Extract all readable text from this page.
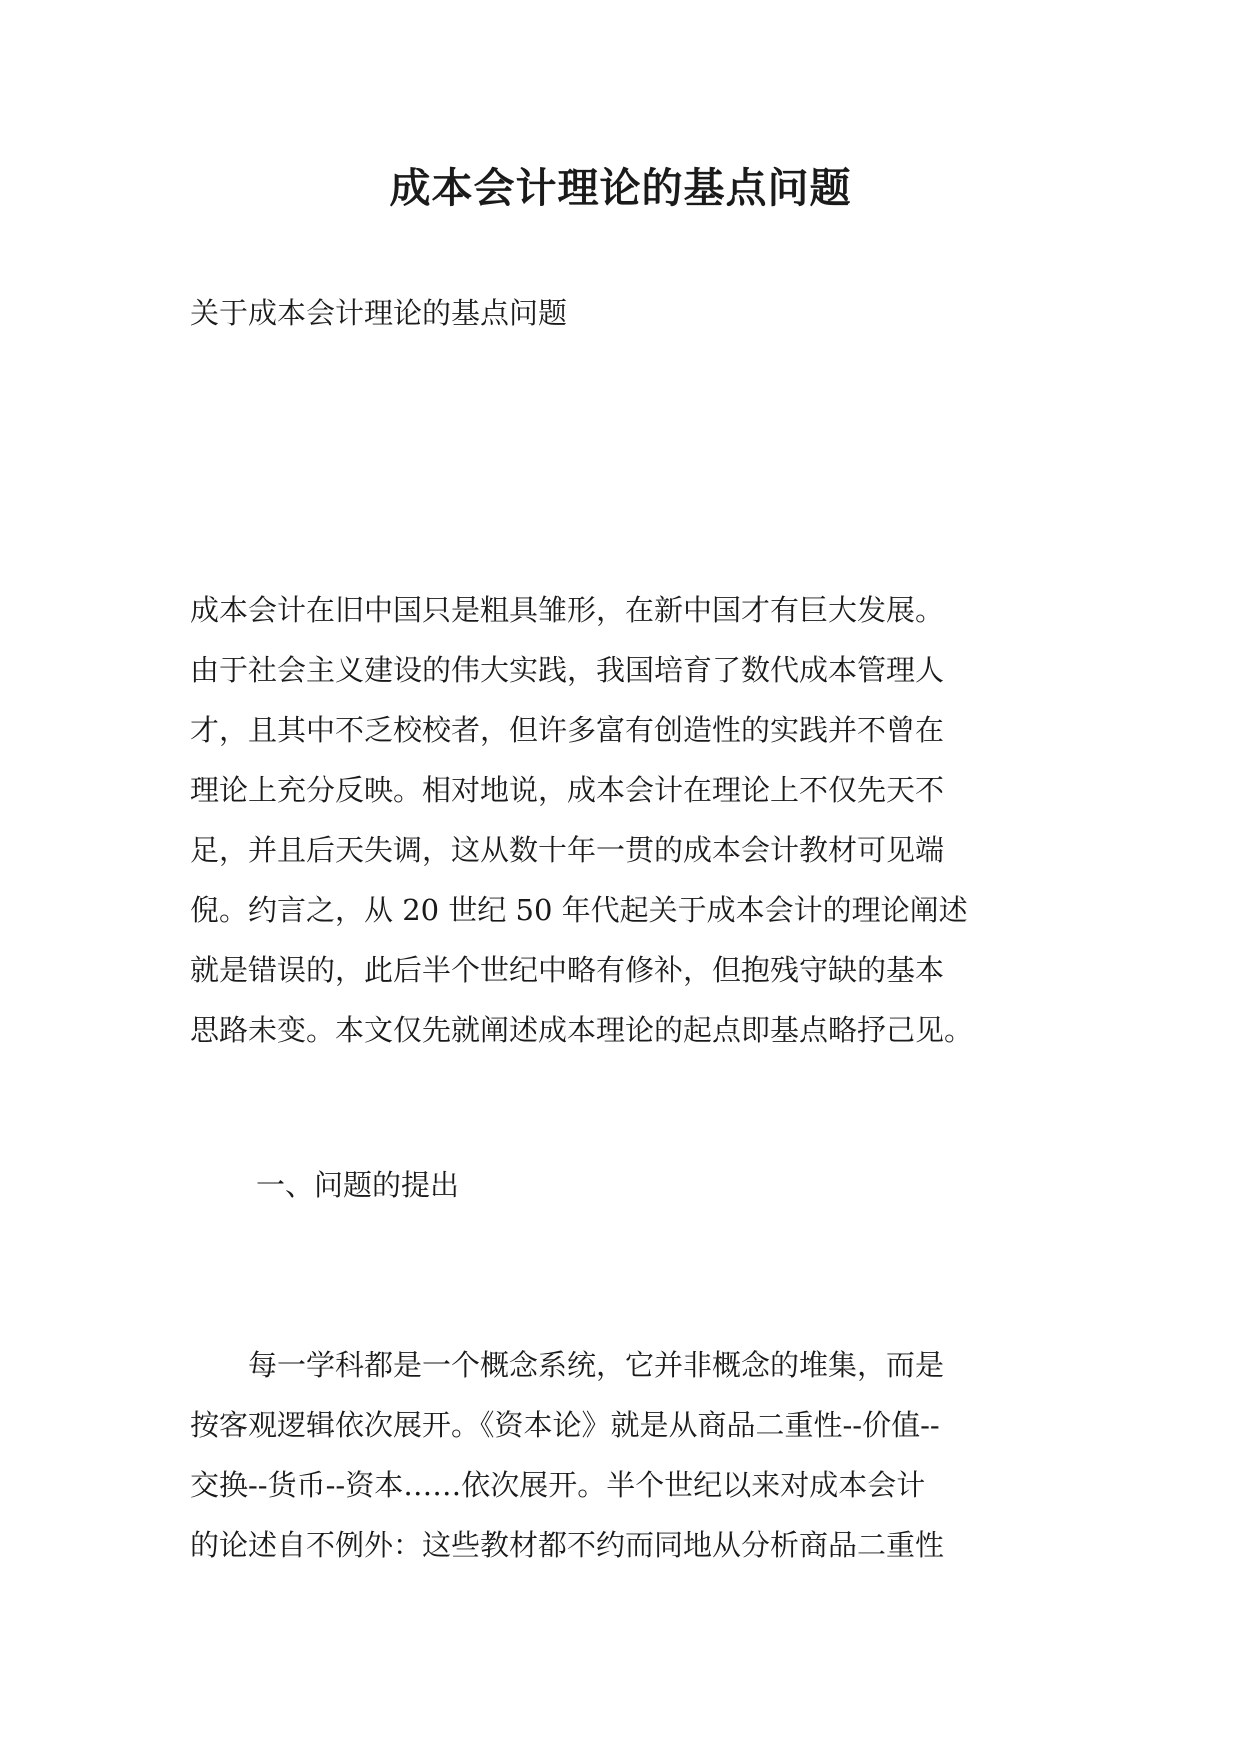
成本会计理论的基点问题
关于成本会计理论的基点问题
成本会计在旧中国只是粗具雏形，在新中国才有巨大发展。
由于社会主义建设的伟大实践，我国培育了数代成本管理人
才，且其中不乏校校者，但许多富有创造性的实践并不曾在
理论上充分反映。相对地说，成本会计在理论上不仅先天不
足，并且后天失调，这从数十年一贯的成本会计教材可见端
倪。约言之，从 20 世纪 50 年代起关于成本会计的理论阐述
就是错误的，此后半个世纪中略有修补，但抱残守缺的基本
思路未变。本文仅先就阐述成本理论的起点即基点略抒己见。
一、问题的提出
　　每一学科都是一个概念系统，它并非概念的堆集，而是
按客观逻辑依次展开。《资本论》就是从商品二重性--价值--
交换--货币--资本……依次展开。半个世纪以来对成本会计
的论述自不例外：这些教材都不约而同地从分析商品二重性
